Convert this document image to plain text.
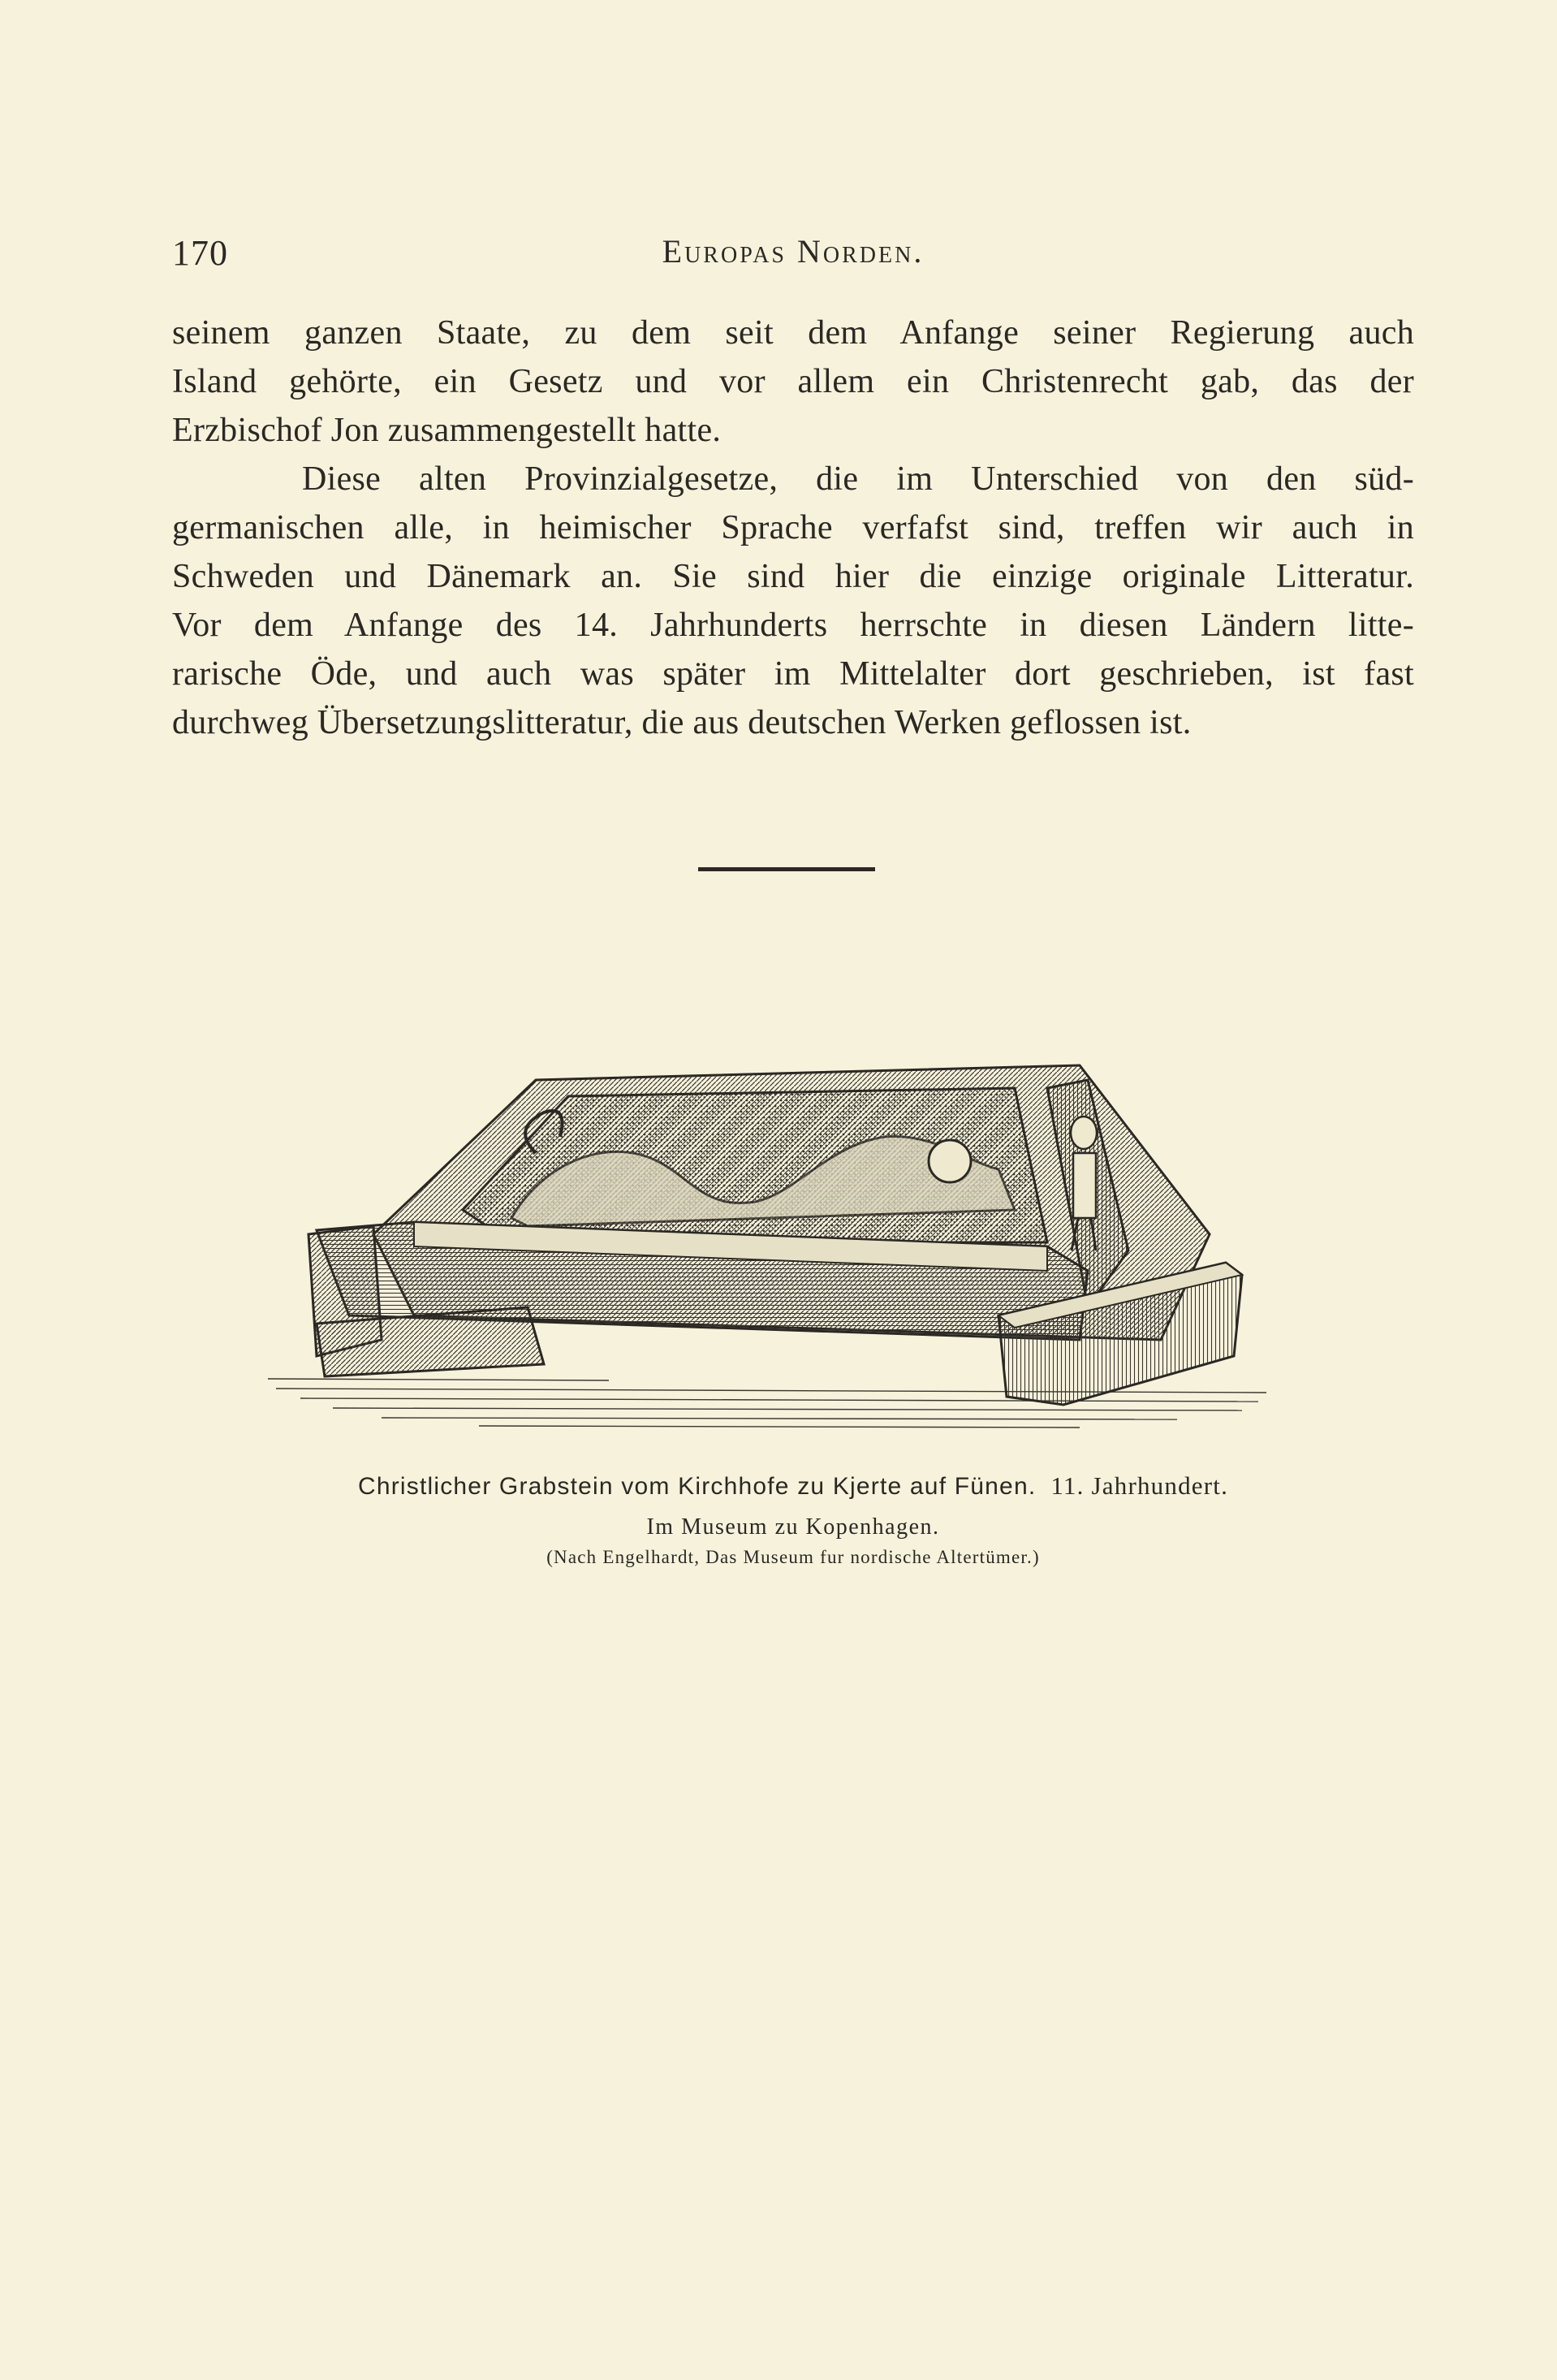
170	Europas Norden.
seinem ganzen Staate, zu dem seit dem Anfange seiner Regierung auch
Island gehörte, ein Gesetz und vor allem ein Christenrecht gab, das der
Erzbischof Jon zusammengestellt hatte.
Diese alten Provinzialgesetze, die im Unterschied von den süd-
germanischen alle, in heimischer Sprache verfafst sind, treffen wir auch in
Schweden und Dänemark an. Sie sind hier die einzige originale Litteratur.
Vor dem Anfange des 14. Jahrhunderts herrschte in diesen Ländern litte-
rarische Öde, und auch was später im Mittelalter dort geschrieben, ist fast
durchweg Übersetzungslitteratur, die aus deutschen Werken geflossen ist.
Christlicher Grabstein vom Kirchhofe zu Kjerte auf Fünen. 11. Jahrhundert.
Im Museum zu Kopenhagen.
(Nach Engelhardt, Das Museum fur nordische Altertümer.)
